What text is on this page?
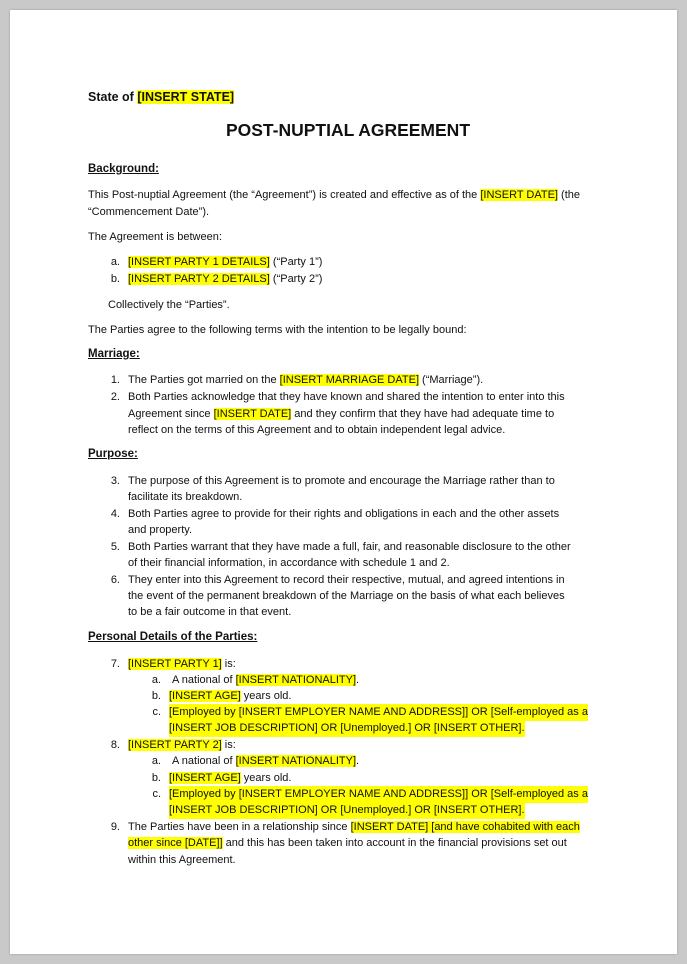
State of [INSERT STATE]

POST-NUPTIAL AGREEMENT

Background:

This Post-nuptial Agreement (the “Agreement”) is created and effective as of the [INSERT DATE] (the

“Commencement Date”).

The Agreement is between:

a. [INSERT PARTY 1 DETAILS] (“Party 1”)

b. [INSERT PARTY 2 DETAILS] (“Party 2”)

Collectively the “Parties”.

The Parties agree to the following terms with the intention to be legally bound:

Marriage:

1. The Parties got married on the [INSERT MARRIAGE DATE] (“Marriage”).

2. Both Parties acknowledge that they have known and shared the intention to enter into this

Agreement since [INSERT DATE] and they confirm that they have had adequate time to

reflect on the terms of this Agreement and to obtain independent legal advice.

Purpose:

3. The purpose of this Agreement is to promote and encourage the Marriage rather than to

facilitate its breakdown.

4. Both Parties agree to provide for their rights and obligations in each and the other assets

and property.

5. Both Parties warrant that they have made a full, fair, and reasonable disclosure to the other

of their financial information, in accordance with schedule 1 and 2.

6. They enter into this Agreement to record their respective, mutual, and agreed intentions in

the event of the permanent breakdown of the Marriage on the basis of what each believes

to be a fair outcome in that event.

Personal Details of the Parties:

7. [INSERT PARTY 1] is:

a. A national of [INSERT NATIONALITY].

b. [INSERT AGE] years old.

c. [Employed by [INSERT EMPLOYER NAME AND ADDRESS]] OR [Self-employed as a

[INSERT JOB DESCRIPTION] OR [Unemployed.] OR [INSERT OTHER].

8. [INSERT PARTY 2] is:

a. A national of [INSERT NATIONALITY].

b. [INSERT AGE] years old.

c. [Employed by [INSERT EMPLOYER NAME AND ADDRESS]] OR [Self-employed as a

[INSERT JOB DESCRIPTION] OR [Unemployed.] OR [INSERT OTHER].

9. The Parties have been in a relationship since [INSERT DATE] [and have cohabited with each

other since [DATE]] and this has been taken into account in the financial provisions set out

within this Agreement.
